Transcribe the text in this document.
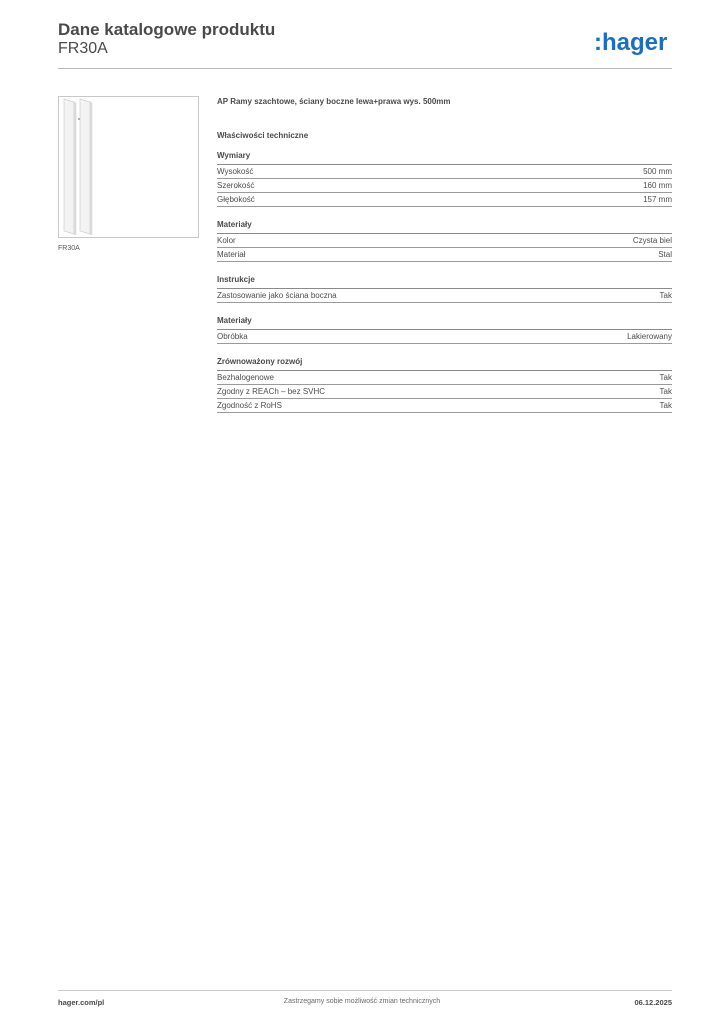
Dane katalogowe produktu
FR30A	:hager
FR30A
AP Ramy szachtowe, ściany boczne lewa+prawa wys. 500mm
Właściwości techniczne
Wymiary
Wysokość	500 mm
Szerokość	160 mm
Głębokość	157 mm
Materiały
Kolor	Czysta biel
Materiał	Stal
Instrukcje
Zastosowanie jako ściana boczna	Tak
Materiały
Obróbka	Lakierowany
Zrównoważony rozwój
Bezhalogenowe	Tak
Zgodny z REACh – bez SVHC	Tak
Zgodność z RoHS	Tak
hager.com/pl	Zastrzegamy sobie możliwość zmian technicznych	06.12.2025
